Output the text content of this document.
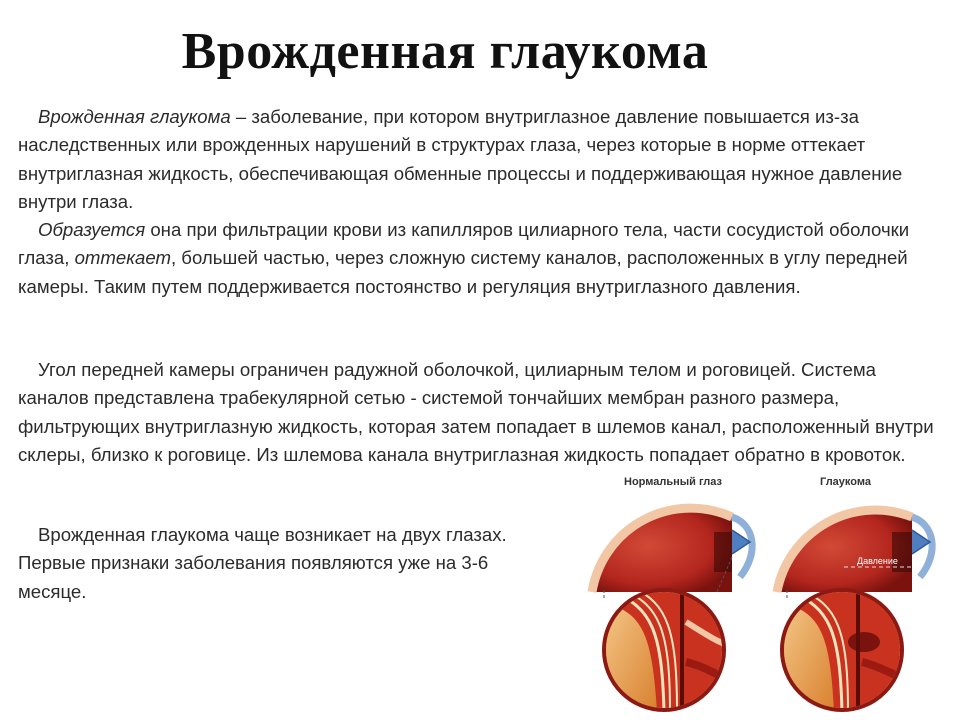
Врожденная глаукома

Врожденная глаукома – заболевание, при котором внутриглазное давление повышается из-за наследственных или врожденных нарушений в структурах глаза, через которые в норме оттекает внутриглазная жидкость, обеспечивающая обменные процессы и поддерживающая нужное давление внутри глаза.

Образуется она при фильтрации крови из капилляров цилиарного тела, части сосудистой оболочки глаза, оттекает, большей частью, через сложную систему каналов, расположенных в углу передней камеры. Таким путем поддерживается постоянство и регуляция внутриглазного давления.

Угол передней камеры ограничен радужной оболочкой, цилиарным телом и роговицей. Система каналов представлена трабекулярной сетью - системой тончайших мембран разного размера, фильтрующих внутриглазную жидкость, которая затем попадает в шлемов канал, расположенный внутри склеры, близко к роговице. Из шлемова канала внутриглазная жидкость попадает обратно в кровоток.

Врожденная глаукома чаще возникает на двух глазах. Первые признаки заболевания появляются уже на 3-6 месяце.

Нормальный глаз	Глаукома
Давление
